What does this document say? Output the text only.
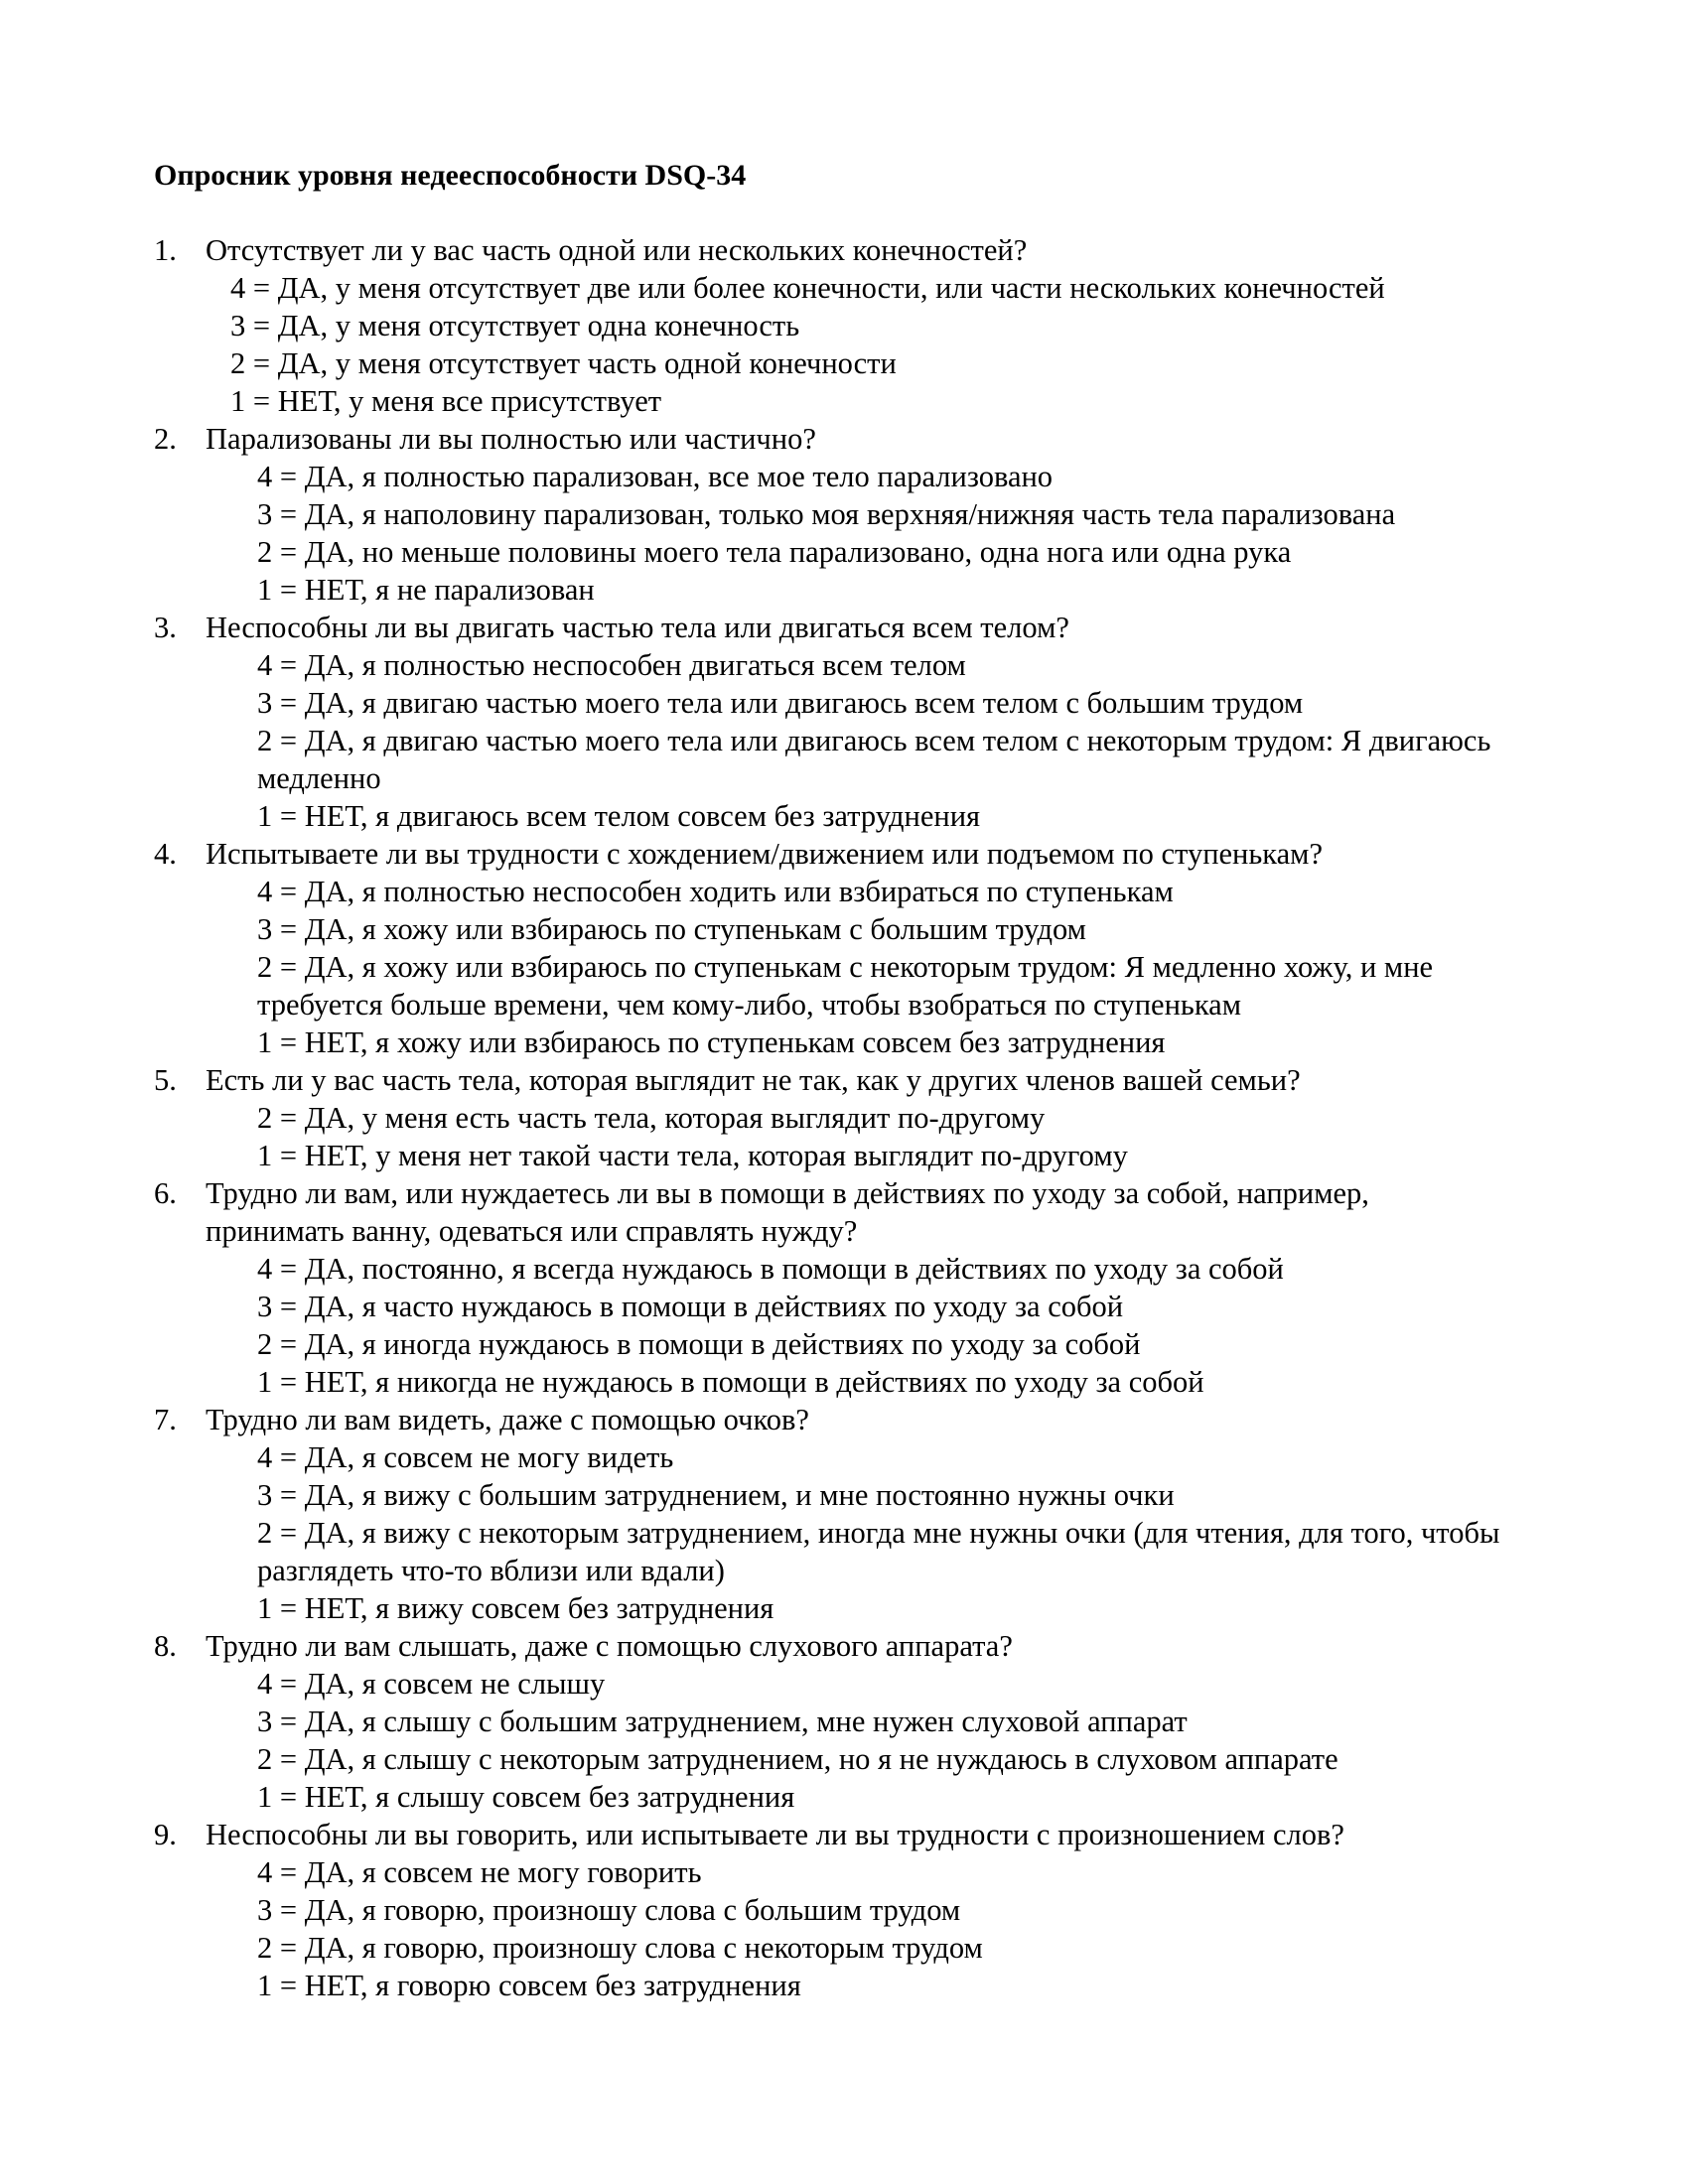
Опросник уровня недееспособности DSQ-34
1. Отсутствует ли у вас часть одной или нескольких конечностей?
4 = ДА, у меня отсутствует две или более конечности, или части нескольких конечностей
3 = ДА, у меня отсутствует одна конечность
2 = ДА, у меня отсутствует часть одной конечности
1 = НЕТ, у меня все присутствует
2. Парализованы ли вы полностью или частично?
4 = ДА, я полностью парализован, все мое тело парализовано
3 = ДА, я наполовину парализован, только моя верхняя/нижняя часть тела парализована
2 = ДА, но меньше половины моего тела парализовано, одна нога или одна рука
1 = НЕТ, я не парализован
3. Неспособны ли вы двигать частью тела или двигаться всем телом?
4 = ДА, я полностью неспособен двигаться всем телом
3 = ДА, я двигаю частью моего тела или двигаюсь всем телом с большим трудом
2 = ДА, я двигаю частью моего тела или двигаюсь всем телом с некоторым трудом: Я двигаюсь медленно
1 = НЕТ, я двигаюсь всем телом совсем без затруднения
4. Испытываете ли вы трудности с хождением/движением или подъемом по ступенькам?
4 = ДА, я полностью неспособен ходить или взбираться по ступенькам
3 = ДА, я хожу или взбираюсь по ступенькам с большим трудом
2 = ДА, я хожу или взбираюсь по ступенькам с некоторым трудом: Я медленно хожу, и мне требуется больше времени, чем кому-либо, чтобы взобраться по ступенькам
1 = НЕТ, я хожу или взбираюсь по ступенькам совсем без затруднения
5. Есть ли у вас часть тела, которая выглядит не так, как у других членов вашей семьи?
2 = ДА, у меня есть часть тела, которая выглядит по-другому
1 = НЕТ, у меня нет такой части тела, которая выглядит по-другому
6. Трудно ли вам, или нуждаетесь ли вы в помощи в действиях по уходу за собой, например, принимать ванну, одеваться или справлять нужду?
4 = ДА, постоянно, я всегда нуждаюсь в помощи в действиях по уходу за собой
3 = ДА, я часто нуждаюсь в помощи в действиях по уходу за собой
2 = ДА, я иногда нуждаюсь в помощи в действиях по уходу за собой
1 = НЕТ, я никогда не нуждаюсь в помощи в действиях по уходу за собой
7. Трудно ли вам видеть, даже с помощью очков?
4 = ДА, я совсем не могу видеть
3 = ДА, я вижу с большим затруднением, и мне постоянно нужны очки
2 = ДА, я вижу с некоторым затруднением, иногда мне нужны очки (для чтения, для того, чтобы разглядеть что-то вблизи или вдали)
1 = НЕТ, я вижу совсем без затруднения
8. Трудно ли вам слышать, даже с помощью слухового аппарата?
4 = ДА, я совсем не слышу
3 = ДА, я слышу с большим затруднением, мне нужен слуховой аппарат
2 = ДА, я слышу с некоторым затруднением, но я не нуждаюсь в слуховом аппарате
1 = НЕТ, я слышу совсем без затруднения
9. Неспособны ли вы говорить, или испытываете ли вы трудности с произношением слов?
4 = ДА, я совсем не могу говорить
3 = ДА, я говорю, произношу слова с большим трудом
2 = ДА, я говорю, произношу слова с некоторым трудом
1 = НЕТ, я говорю совсем без затруднения
